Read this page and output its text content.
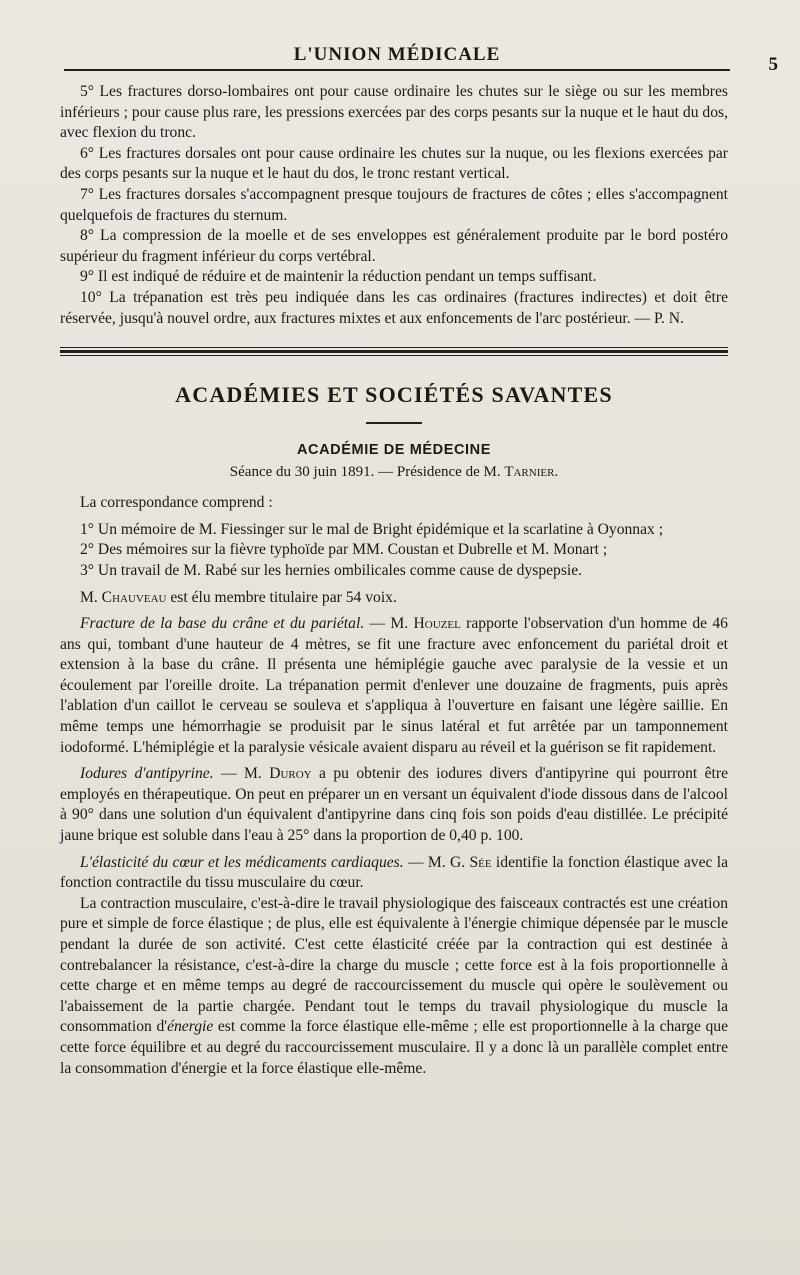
L'UNION MÉDICALE	5

5° Les fractures dorso-lombaires ont pour cause ordinaire les chutes sur le siège ou sur les membres inférieurs ; pour cause plus rare, les pressions exercées par des corps pesants sur la nuque et le haut du dos, avec flexion du tronc.

6° Les fractures dorsales ont pour cause ordinaire les chutes sur la nuque, ou les flexions exercées par des corps pesants sur la nuque et le haut du dos, le tronc restant vertical.

7° Les fractures dorsales s'accompagnent presque toujours de fractures de côtes ; elles s'accompagnent quelquefois de fractures du sternum.

8° La compression de la moelle et de ses enveloppes est généralement produite par le bord postéro supérieur du fragment inférieur du corps vertébral.

9° Il est indiqué de réduire et de maintenir la réduction pendant un temps suffisant.

10° La trépanation est très peu indiquée dans les cas ordinaires (fractures indirectes) et doit être réservée, jusqu'à nouvel ordre, aux fractures mixtes et aux enfoncements de l'arc postérieur. — P. N.

ACADÉMIES ET SOCIÉTÉS SAVANTES
ACADÉMIE DE MÉDECINE
Séance du 30 juin 1891. — Présidence de M. Tarnier.

La correspondance comprend :

1° Un mémoire de M. Fiessinger sur le mal de Bright épidémique et la scarlatine à Oyonnax ;

2° Des mémoires sur la fièvre typhoïde par MM. Coustan et Dubrelle et M. Monart ;

3° Un travail de M. Rabé sur les hernies ombilicales comme cause de dyspepsie.

M. Chauveau est élu membre titulaire par 54 voix.

Fracture de la base du crâne et du pariétal. — M. Houzel rapporte l'observation d'un homme de 46 ans qui, tombant d'une hauteur de 4 mètres, se fit une fracture avec enfoncement du pariétal droit et extension à la base du crâne. Il présenta une hémiplégie gauche avec paralysie de la vessie et un écoulement par l'oreille droite. La trépanation permit d'enlever une douzaine de fragments, puis après l'ablation d'un caillot le cerveau se souleva et s'appliqua à l'ouverture en faisant une légère saillie. En même temps une hémorrhagie se produisit par le sinus latéral et fut arrêtée par un tamponnement iodoformé. L'hémiplégie et la paralysie vésicale avaient disparu au réveil et la guérison se fit rapidement.

Iodures d'antipyrine. — M. Duroy a pu obtenir des iodures divers d'antipyrine qui pourront être employés en thérapeutique. On peut en préparer un en versant un équivalent d'iode dissous dans de l'alcool à 90° dans une solution d'un équivalent d'antipyrine dans cinq fois son poids d'eau distillée. Le précipité jaune brique est soluble dans l'eau à 25° dans la proportion de 0,40 p. 100.

L'élasticité du cœur et les médicaments cardiaques. — M. G. Sée identifie la fonction élastique avec la fonction contractile du tissu musculaire du cœur.

La contraction musculaire, c'est-à-dire le travail physiologique des faisceaux contractés est une création pure et simple de force élastique ; de plus, elle est équivalente à l'énergie chimique dépensée par le muscle pendant la durée de son activité. C'est cette élasticité créée par la contraction qui est destinée à contrebalancer la résistance, c'est-à-dire la charge du muscle ; cette force est à la fois proportionnelle à cette charge et en même temps au degré de raccourcissement du muscle qui opère le soulèvement ou l'abaissement de la partie chargée. Pendant tout le temps du travail physiologique du muscle la consommation d'énergie est comme la force élastique elle-même ; elle est proportionnelle à la charge que cette force équilibre et au degré du raccourcissement musculaire. Il y a donc là un parallèle complet entre la consommation d'énergie et la force élastique elle-même.
